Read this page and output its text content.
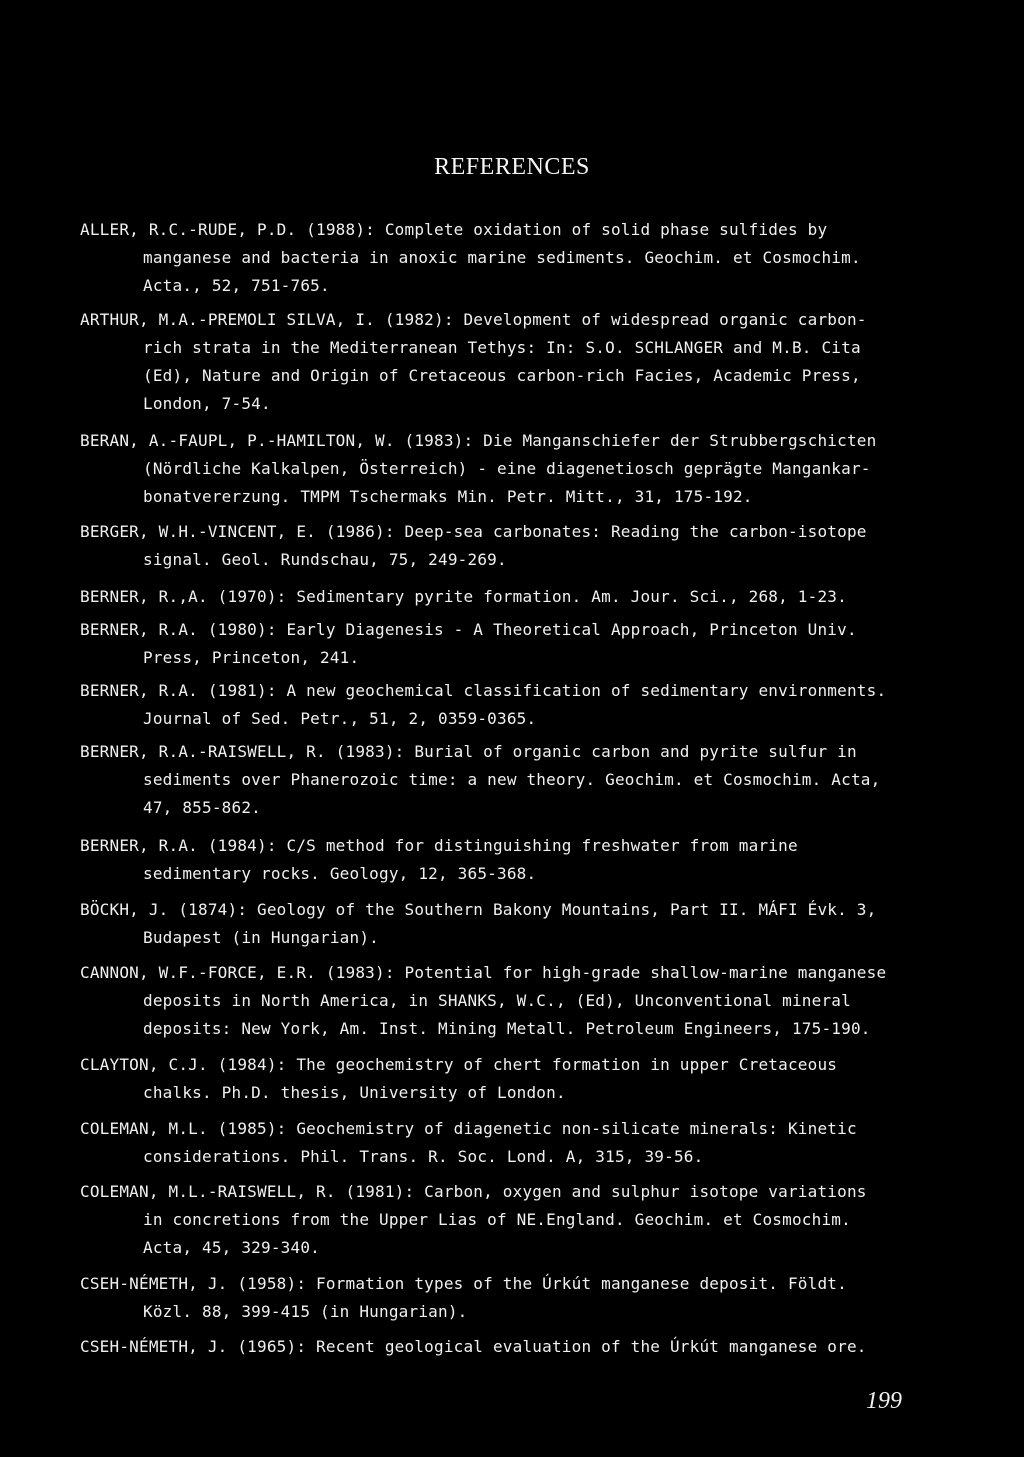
REFERENCES
ALLER, R.C.-RUDE, P.D. (1988): Complete oxidation of solid phase sulfides by
manganese and bacteria in anoxic marine sediments. Geochim. et Cosmochim.
Acta., 52, 751-765.
ARTHUR, M.A.-PREMOLI SILVA, I. (1982): Development of widespread organic carbon-
rich strata in the Mediterranean Tethys: In: S.O. SCHLANGER and M.B. Cita
(Ed), Nature and Origin of Cretaceous carbon-rich Facies, Academic Press,
London, 7-54.
BERAN, A.-FAUPL, P.-HAMILTON, W. (1983): Die Manganschiefer der Strubbergschicten
(Nördliche Kalkalpen, Österreich) - eine diagenetiosch geprägte Mangankar-
bonatvererzung. TMPM Tschermaks Min. Petr. Mitt., 31, 175-192.
BERGER, W.H.-VINCENT, E. (1986): Deep-sea carbonates: Reading the carbon-isotope
signal. Geol. Rundschau, 75, 249-269.
BERNER, R.,A. (1970): Sedimentary pyrite formation. Am. Jour. Sci., 268, 1-23.
BERNER, R.A. (1980): Early Diagenesis - A Theoretical Approach, Princeton Univ.
Press, Princeton, 241.
BERNER, R.A. (1981): A new geochemical classification of sedimentary environments.
Journal of Sed. Petr., 51, 2, 0359-0365.
BERNER, R.A.-RAISWELL, R. (1983): Burial of organic carbon and pyrite sulfur in
sediments over Phanerozoic time: a new theory. Geochim. et Cosmochim. Acta,
47, 855-862.
BERNER, R.A. (1984): C/S method for distinguishing freshwater from marine
sedimentary rocks. Geology, 12, 365-368.
BÖCKH, J. (1874): Geology of the Southern Bakony Mountains, Part II. MÁFI Évk. 3,
Budapest (in Hungarian).
CANNON, W.F.-FORCE, E.R. (1983): Potential for high-grade shallow-marine manganese
deposits in North America, in SHANKS, W.C., (Ed), Unconventional mineral
deposits: New York, Am. Inst. Mining Metall. Petroleum Engineers, 175-190.
CLAYTON, C.J. (1984): The geochemistry of chert formation in upper Cretaceous
chalks. Ph.D. thesis, University of London.
COLEMAN, M.L. (1985): Geochemistry of diagenetic non-silicate minerals: Kinetic
considerations. Phil. Trans. R. Soc. Lond. A, 315, 39-56.
COLEMAN, M.L.-RAISWELL, R. (1981): Carbon, oxygen and sulphur isotope variations
in concretions from the Upper Lias of NE.England. Geochim. et Cosmochim.
Acta, 45, 329-340.
CSEH-NÉMETH, J. (1958): Formation types of the Úrkút manganese deposit. Földt.
Közl. 88, 399-415 (in Hungarian).
CSEH-NÉMETH, J. (1965): Recent geological evaluation of the Úrkút manganese ore.
199
